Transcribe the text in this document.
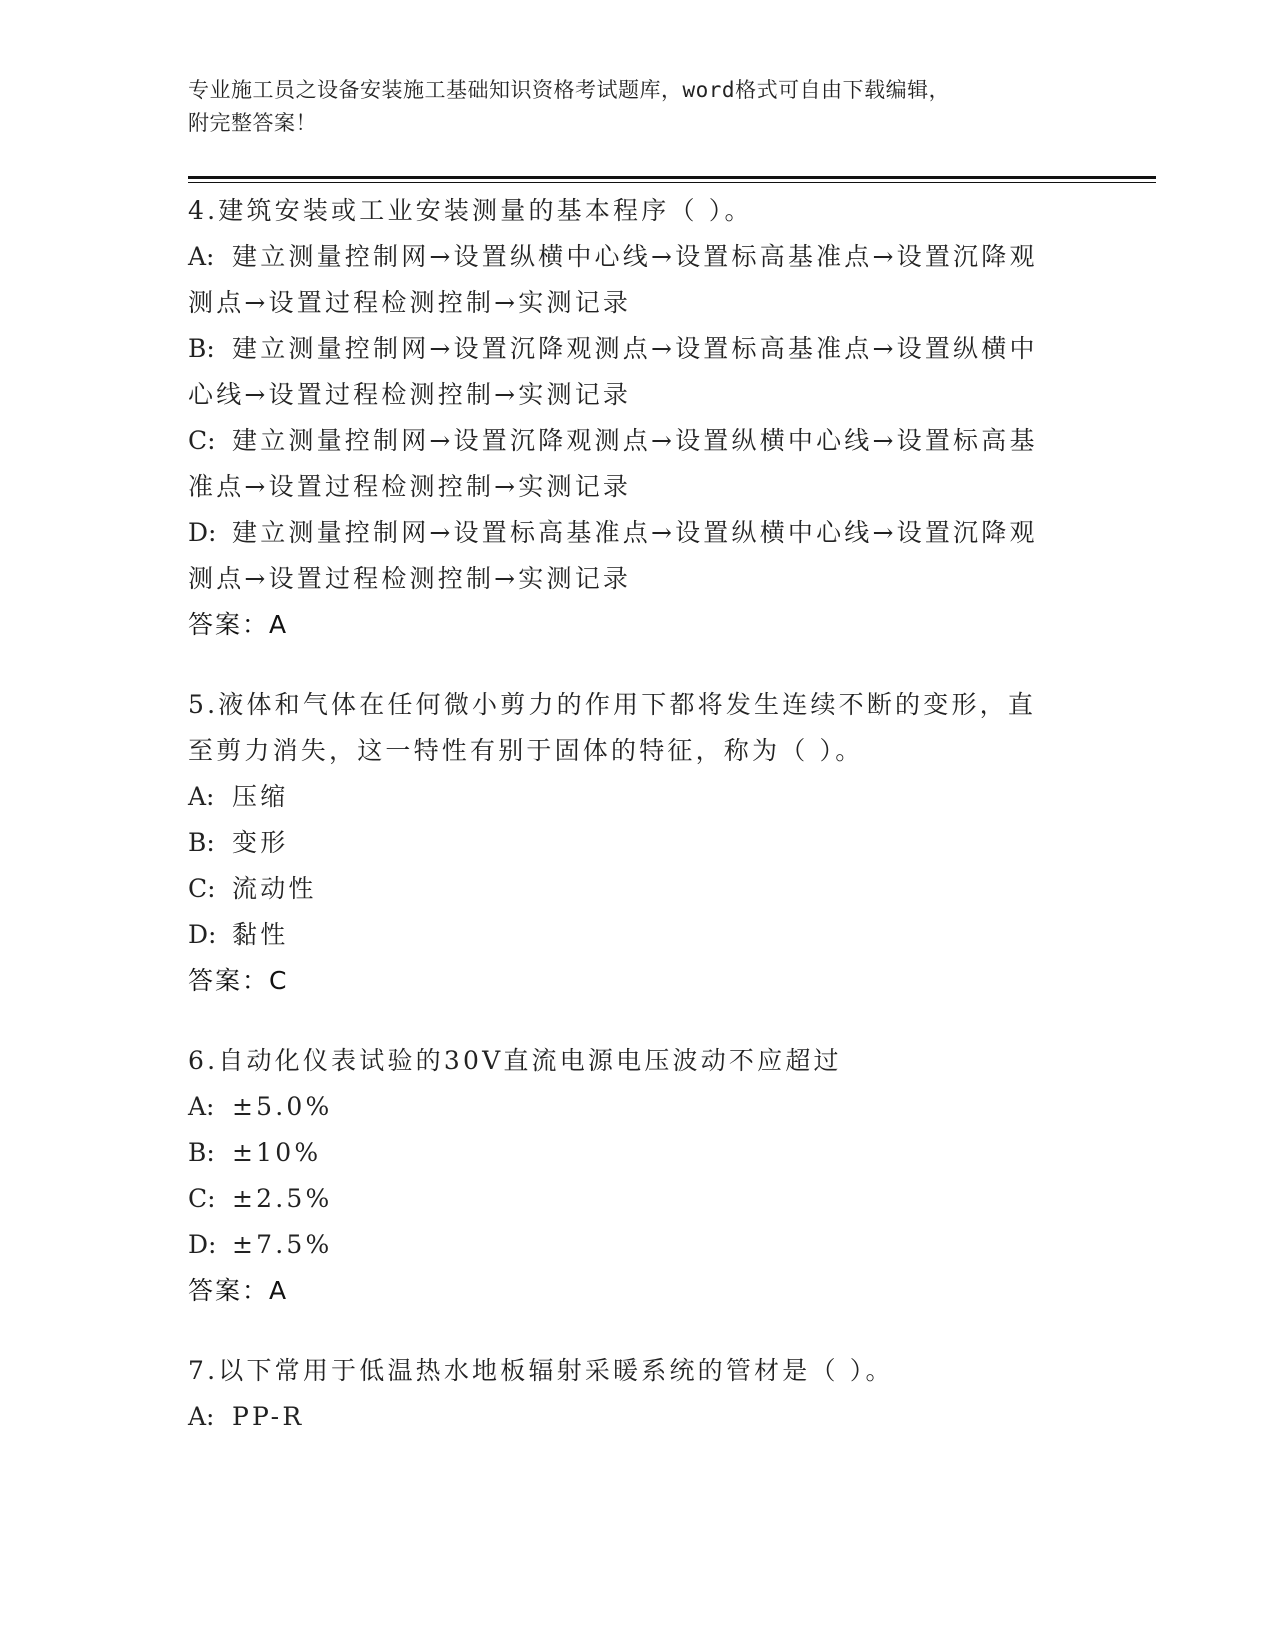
专业施工员之设备安装施工基础知识资格考试题库，word格式可自由下载编辑，
附完整答案！
4.建筑安装或工业安装测量的基本程序（ ）。
A: 建立测量控制网→设置纵横中心线→设置标高基准点→设置沉降观
测点→设置过程检测控制→实测记录
B: 建立测量控制网→设置沉降观测点→设置标高基准点→设置纵横中
心线→设置过程检测控制→实测记录
C: 建立测量控制网→设置沉降观测点→设置纵横中心线→设置标高基
准点→设置过程检测控制→实测记录
D: 建立测量控制网→设置标高基准点→设置纵横中心线→设置沉降观
测点→设置过程检测控制→实测记录
答案：A
5.液体和气体在任何微小剪力的作用下都将发生连续不断的变形，直
至剪力消失，这一特性有别于固体的特征，称为（ ）。
A: 压缩
B: 变形
C: 流动性
D: 黏性
答案：C
6.自动化仪表试验的30V直流电源电压波动不应超过
A: ±5.0%
B: ±10%
C: ±2.5%
D: ±7.5%
答案：A
7.以下常用于低温热水地板辐射采暖系统的管材是（ ）。
A: PP-R
